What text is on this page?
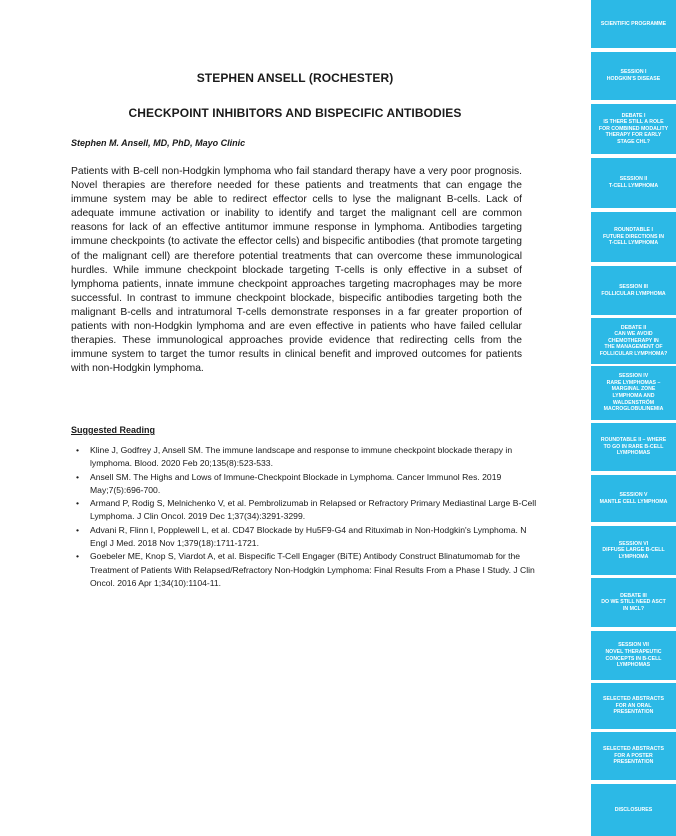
STEPHEN ANSELL (ROCHESTER)
CHECKPOINT INHIBITORS AND BISPECIFIC ANTIBODIES

Stephen M. Ansell, MD, PhD, Mayo Clinic

Patients with B-cell non-Hodgkin lymphoma who fail standard therapy have a very poor prognosis. Novel therapies are therefore needed for these patients and treatments that can engage the immune system may be able to redirect effector cells to lyse the malignant B-cells. Lack of adequate immune activation or inability to identify and target the malignant cell are common reasons for lack of an effective antitumor immune response in lymphoma. Antibodies targeting immune checkpoints (to activate the effector cells) and bispecific antibodies (that promote targeting of the malignant cell) are therefore potential treatments that can overcome these immunological hurdles. While immune checkpoint blockade targeting T-cells is only effective in a subset of lymphoma patients, innate immune checkpoint approaches targeting macrophages may be more successful. In contrast to immune checkpoint blockade, bispecific antibodies targeting both the malignant B-cells and intratumoral T-cells demonstrate responses in a far greater proportion of patients with non-Hodgkin lymphoma and are even effective in patients who have failed cellular therapies. These immunological approaches provide evidence that redirecting cells from the immune system to target the tumor results in clinical benefit and improved outcomes for patients with non-Hodgkin lymphoma.

Suggested Reading

• Kline J, Godfrey J, Ansell SM. The immune landscape and response to immune checkpoint blockade therapy in lymphoma. Blood. 2020 Feb 20;135(8):523-533.
• Ansell SM. The Highs and Lows of Immune-Checkpoint Blockade in Lymphoma. Cancer Immunol Res. 2019 May;7(5):696-700.
• Armand P, Rodig S, Melnichenko V, et al. Pembrolizumab in Relapsed or Refractory Primary Mediastinal Large B-Cell Lymphoma. J Clin Oncol. 2019 Dec 1;37(34):3291-3299.
• Advani R, Flinn I, Popplewell L, et al. CD47 Blockade by Hu5F9-G4 and Rituximab in Non-Hodgkin's Lymphoma. N Engl J Med. 2018 Nov 1;379(18):1711-1721.
• Goebeler ME, Knop S, Viardot A, et al. Bispecific T-Cell Engager (BiTE) Antibody Construct Blinatumomab for the Treatment of Patients With Relapsed/Refractory Non-Hodgkin Lymphoma: Final Results From a Phase I Study. J Clin Oncol. 2016 Apr 1;34(10):1104-11.
SCIENTIFIC PROGRAMME
SESSION I
HODGKIN'S DISEASE
DEBATE I
IS THERE STILL A ROLE
FOR COMBINED MODALITY
THERAPY FOR EARLY
STAGE CHL?
SESSION II
T-CELL LYMPHOMA
ROUNDTABLE I
FUTURE DIRECTIONS IN
T-CELL LYMPHOMA
SESSION III
FOLLICULAR LYMPHOMA
DEBATE II
CAN WE AVOID
CHEMOTHERAPY IN
THE MANAGEMENT OF
FOLLICULAR LYMPHOMA?
SESSION IV
RARE LYMPHOMAS –
MARGINAL ZONE
LYMPHOMA AND
WALDENSTRÖM
MACROGLOBULINEMIA
ROUNDTABLE II – WHERE
TO GO IN RARE B-CELL
LYMPHOMAS
SESSION V
MANTLE CELL LYMPHOMA
SESSION VI
DIFFUSE LARGE B-CELL
LYMPHOMA
DEBATE III
DO WE STILL NEED ASCT
IN MCL?
SESSION VII
NOVEL THERAPEUTIC
CONCEPTS IN B-CELL
LYMPHOMAS
SELECTED ABSTRACTS
FOR AN ORAL
PRESENTATION
SELECTED ABSTRACTS
FOR A POSTER
PRESENTATION
DISCLOSURES
